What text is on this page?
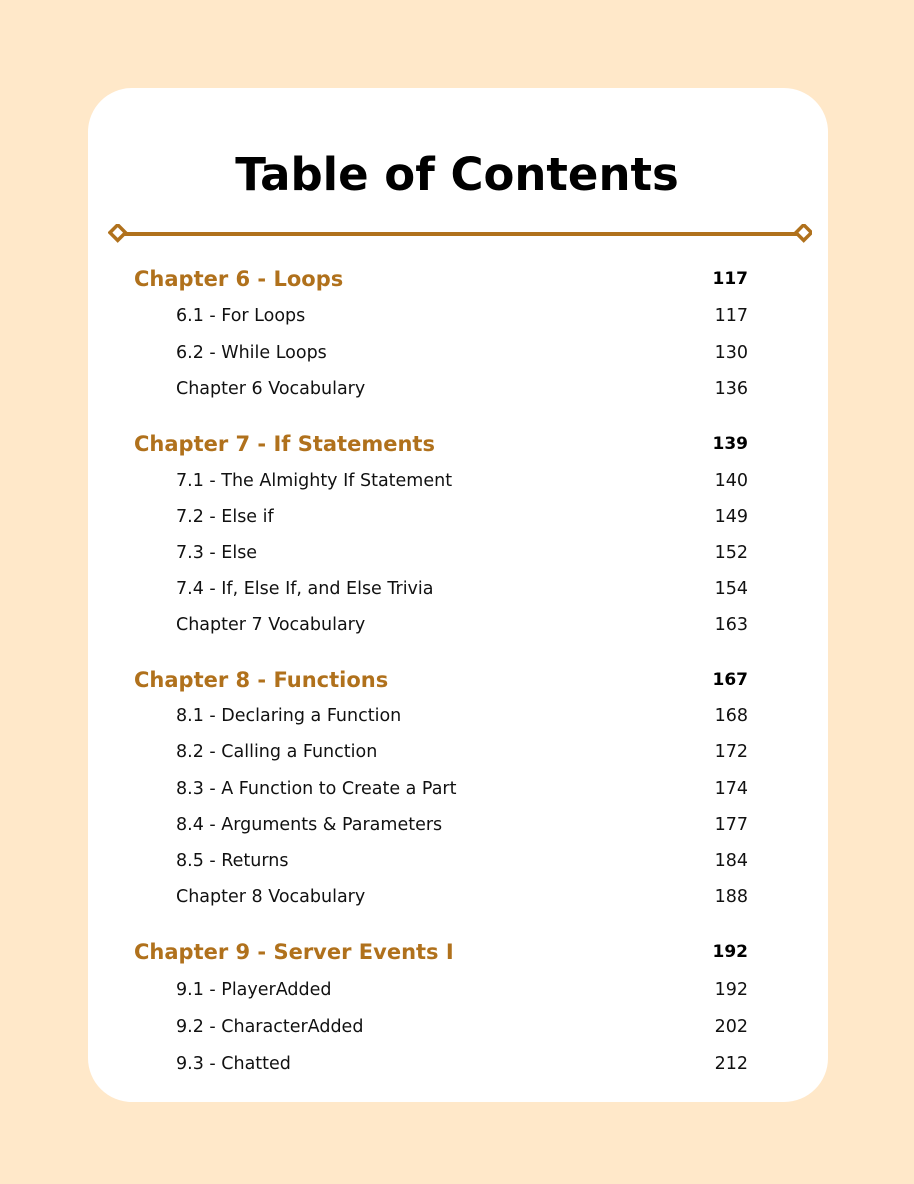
Table of Contents
Chapter 6 - Loops	117
6.1 - For Loops	117
6.2 - While Loops	130
Chapter 6 Vocabulary	136
Chapter 7 - If Statements	139
7.1 - The Almighty If Statement	140
7.2 - Else if	149
7.3 - Else	152
7.4 - If, Else If, and Else Trivia	154
Chapter 7 Vocabulary	163
Chapter 8 - Functions	167
8.1 - Declaring a Function	168
8.2 - Calling a Function	172
8.3 - A Function to Create a Part	174
8.4 - Arguments & Parameters	177
8.5 - Returns	184
Chapter 8 Vocabulary	188
Chapter 9 - Server Events I	192
9.1 - PlayerAdded	192
9.2 - CharacterAdded	202
9.3 - Chatted	212
